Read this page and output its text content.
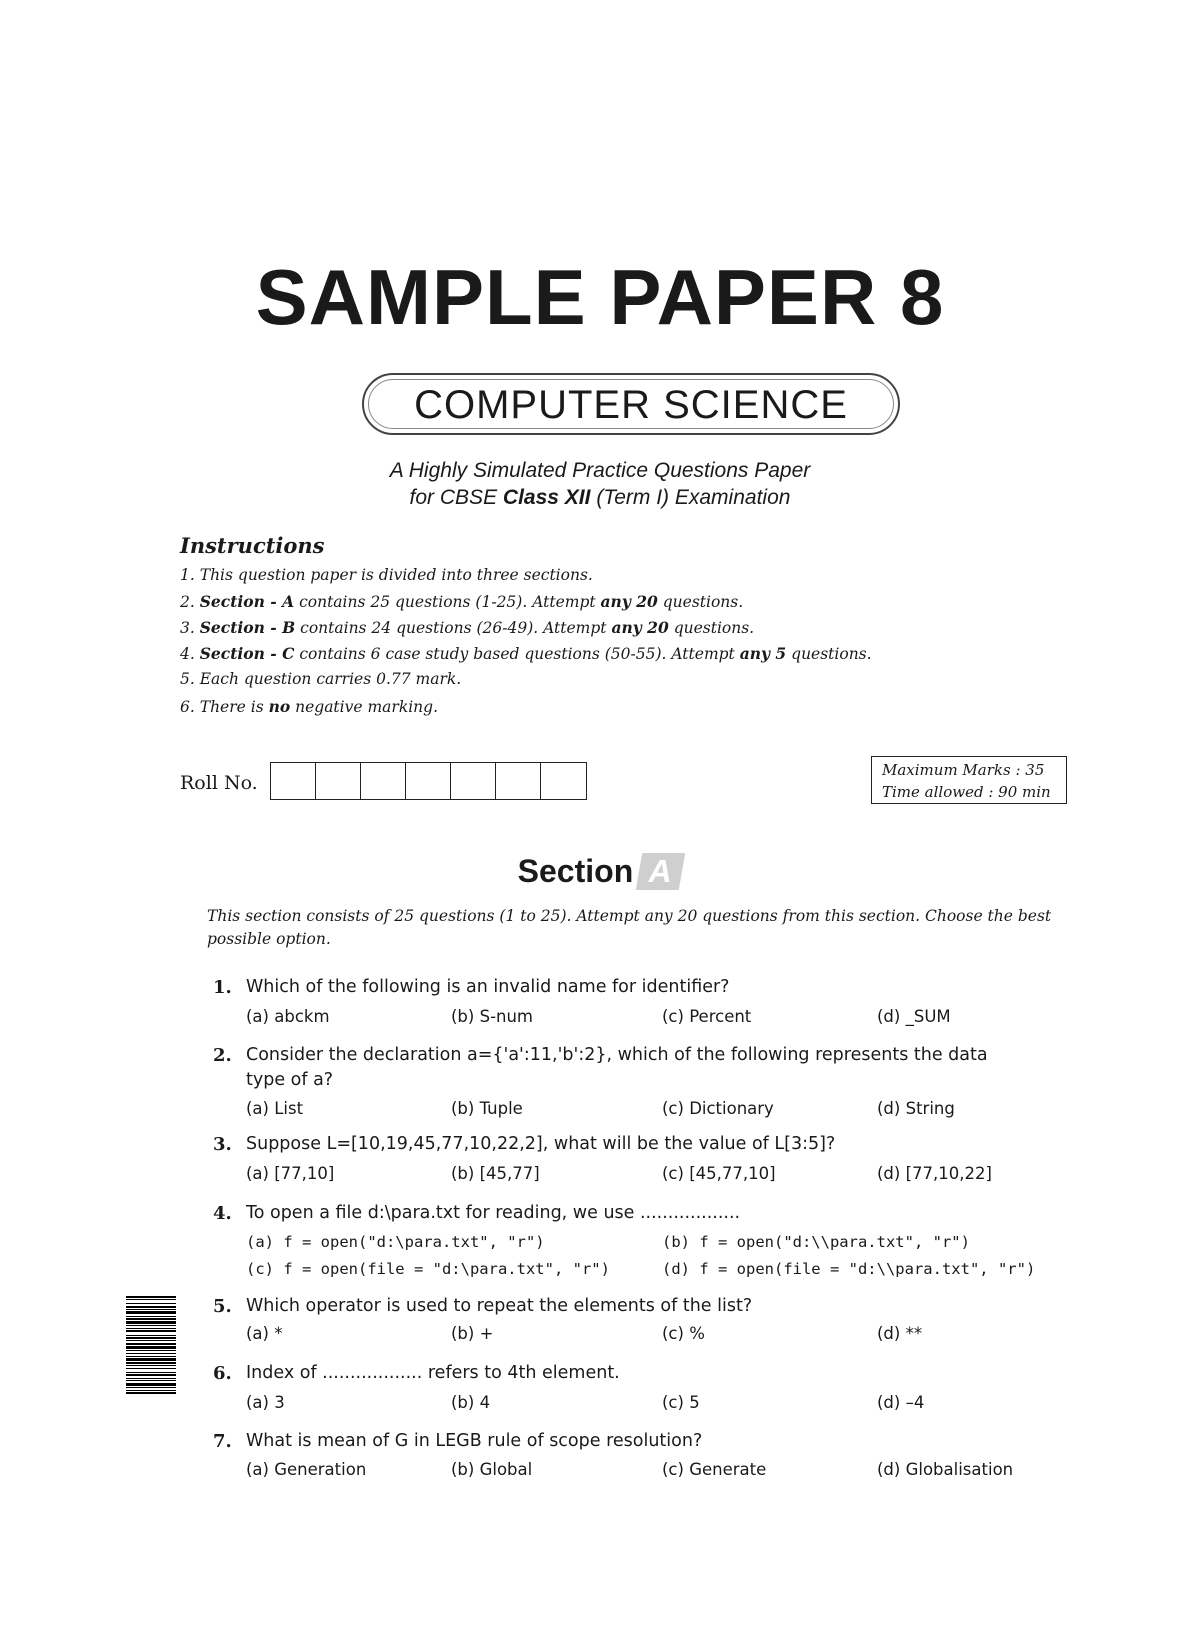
SAMPLE PAPER 8
COMPUTER SCIENCE
A Highly Simulated Practice Questions Paper
for CBSE Class XII (Term I) Examination
Instructions
1. This question paper is divided into three sections.
2. Section - A contains 25 questions (1-25). Attempt any 20 questions.
3. Section - B contains 24 questions (26-49). Attempt any 20 questions.
4. Section - C contains 6 case study based questions (50-55). Attempt any 5 questions.
5. Each question carries 0.77 mark.
6. There is no negative marking.
Roll No.
Maximum Marks : 35
Time allowed : 90 min
Section A
This section consists of 25 questions (1 to 25). Attempt any 20 questions from this section. Choose the best possible option.
1. Which of the following is an invalid name for identifier?
(a) abckm	(b) S-num	(c) Percent	(d) _SUM
2. Consider the declaration a={'a':11,'b':2}, which of the following represents the data
type of a?
(a) List	(b) Tuple	(c) Dictionary	(d) String
3. Suppose L=[10,19,45,77,10,22,2], what will be the value of L[3:5]?
(a) [77,10]	(b) [45,77]	(c) [45,77,10]	(d) [77,10,22]
4. To open a file d:\para.txt for reading, we use ..................
(a) f = open("d:\para.txt", "r")	(b) f = open("d:\\para.txt", "r")
(c) f = open(file = "d:\para.txt", "r")	(d) f = open(file = "d:\\para.txt", "r")
5. Which operator is used to repeat the elements of the list?
(a) *	(b) +	(c) %	(d) **
6. Index of .................. refers to 4th element.
(a) 3	(b) 4	(c) 5	(d) –4
7. What is mean of G in LEGB rule of scope resolution?
(a) Generation	(b) Global	(c) Generate	(d) Globalisation
